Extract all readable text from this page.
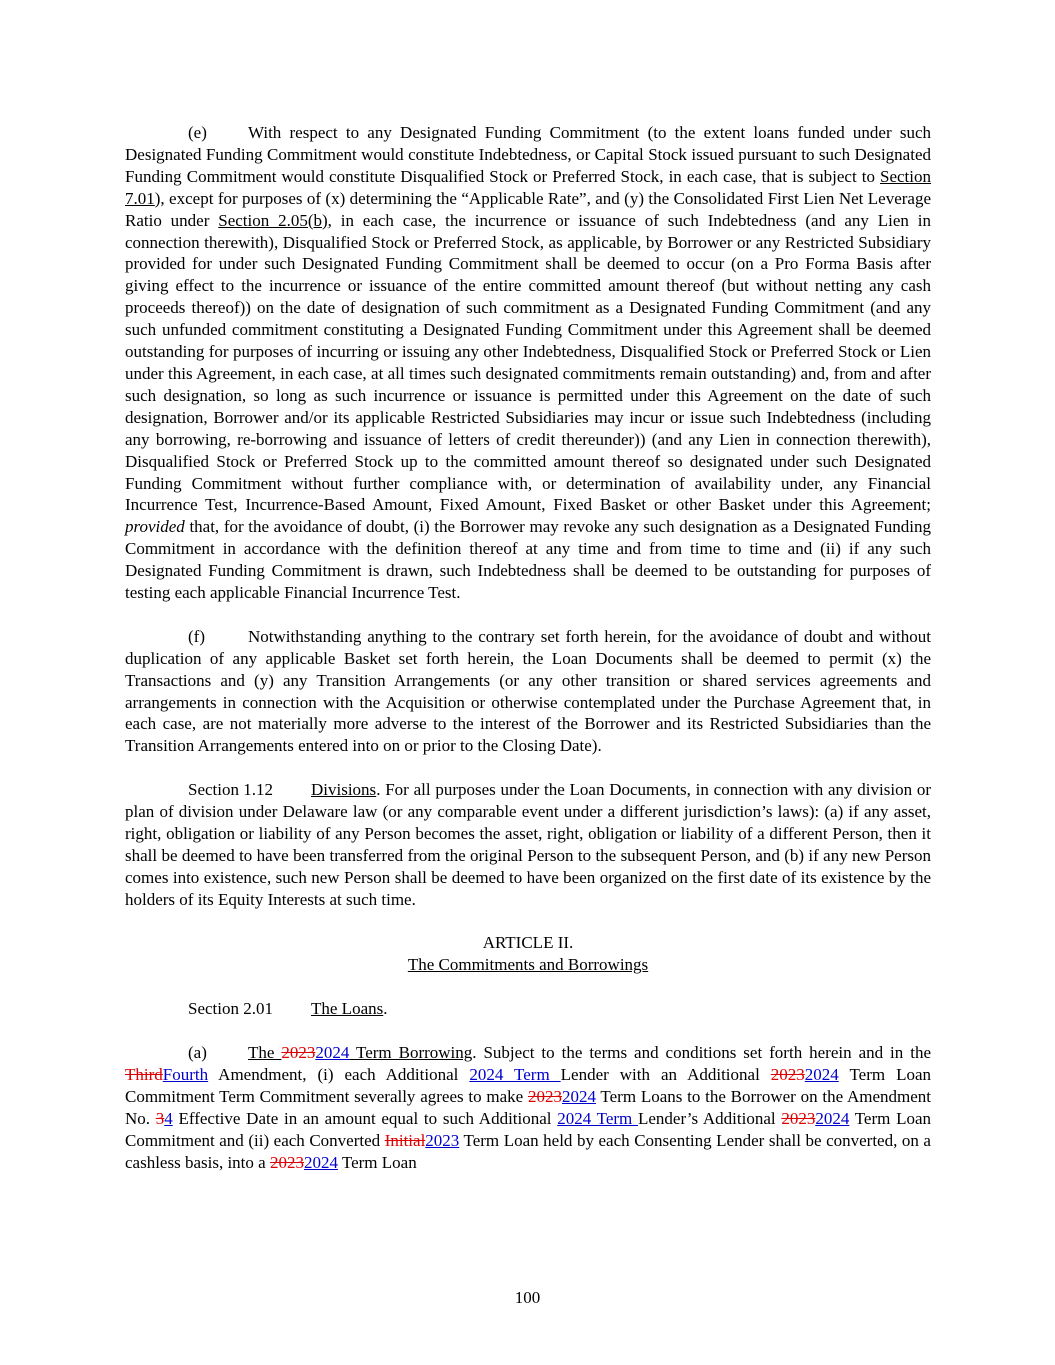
(e) With respect to any Designated Funding Commitment (to the extent loans funded under such Designated Funding Commitment would constitute Indebtedness, or Capital Stock issued pursuant to such Designated Funding Commitment would constitute Disqualified Stock or Preferred Stock, in each case, that is subject to Section 7.01), except for purposes of (x) determining the “Applicable Rate”, and (y) the Consolidated First Lien Net Leverage Ratio under Section 2.05(b), in each case, the incurrence or issuance of such Indebtedness (and any Lien in connection therewith), Disqualified Stock or Preferred Stock, as applicable, by Borrower or any Restricted Subsidiary provided for under such Designated Funding Commitment shall be deemed to occur (on a Pro Forma Basis after giving effect to the incurrence or issuance of the entire committed amount thereof (but without netting any cash proceeds thereof)) on the date of designation of such commitment as a Designated Funding Commitment (and any such unfunded commitment constituting a Designated Funding Commitment under this Agreement shall be deemed outstanding for purposes of incurring or issuing any other Indebtedness, Disqualified Stock or Preferred Stock or Lien under this Agreement, in each case, at all times such designated commitments remain outstanding) and, from and after such designation, so long as such incurrence or issuance is permitted under this Agreement on the date of such designation, Borrower and/or its applicable Restricted Subsidiaries may incur or issue such Indebtedness (including any borrowing, re-borrowing and issuance of letters of credit thereunder)) (and any Lien in connection therewith), Disqualified Stock or Preferred Stock up to the committed amount thereof so designated under such Designated Funding Commitment without further compliance with, or determination of availability under, any Financial Incurrence Test, Incurrence-Based Amount, Fixed Amount, Fixed Basket or other Basket under this Agreement; provided that, for the avoidance of doubt, (i) the Borrower may revoke any such designation as a Designated Funding Commitment in accordance with the definition thereof at any time and from time to time and (ii) if any such Designated Funding Commitment is drawn, such Indebtedness shall be deemed to be outstanding for purposes of testing each applicable Financial Incurrence Test.

(f)	Notwithstanding anything to the contrary set forth herein, for the avoidance of doubt and without duplication of any applicable Basket set forth herein, the Loan Documents shall be deemed to permit (x) the Transactions and (y) any Transition Arrangements (or any other transition or shared services agreements and arrangements in connection with the Acquisition or otherwise contemplated under the Purchase Agreement that, in each case, are not materially more adverse to the interest of the Borrower and its Restricted Subsidiaries than the Transition Arrangements entered into on or prior to the Closing Date).

Section 1.12 Divisions. For all purposes under the Loan Documents, in connection with any division or plan of division under Delaware law (or any comparable event under a different jurisdiction’s laws): (a) if any asset, right, obligation or liability of any Person becomes the asset, right, obligation or liability of a different Person, then it shall be deemed to have been transferred from the original Person to the subsequent Person, and (b) if any new Person comes into existence, such new Person shall be deemed to have been organized on the first date of its existence by the holders of its Equity Interests at such time.

ARTICLE II.

The Commitments and Borrowings

Section 2.01 The Loans.

(a) The 20232024 Term Borrowing. Subject to the terms and conditions set forth herein and in the ThirdFourth Amendment, (i) each Additional 2024 Term Lender with an Additional 20232024 Term Loan Commitment Term Commitment severally agrees to make 20232024 Term Loans to the Borrower on the Amendment No. 34 Effective Date in an amount equal to such Additional 2024 Term Lender’s Additional 20232024 Term Loan Commitment and (ii) each Converted Initial2023 Term Loan held by each Consenting Lender shall be converted, on a cashless basis, into a 20232024 Term Loan

100
